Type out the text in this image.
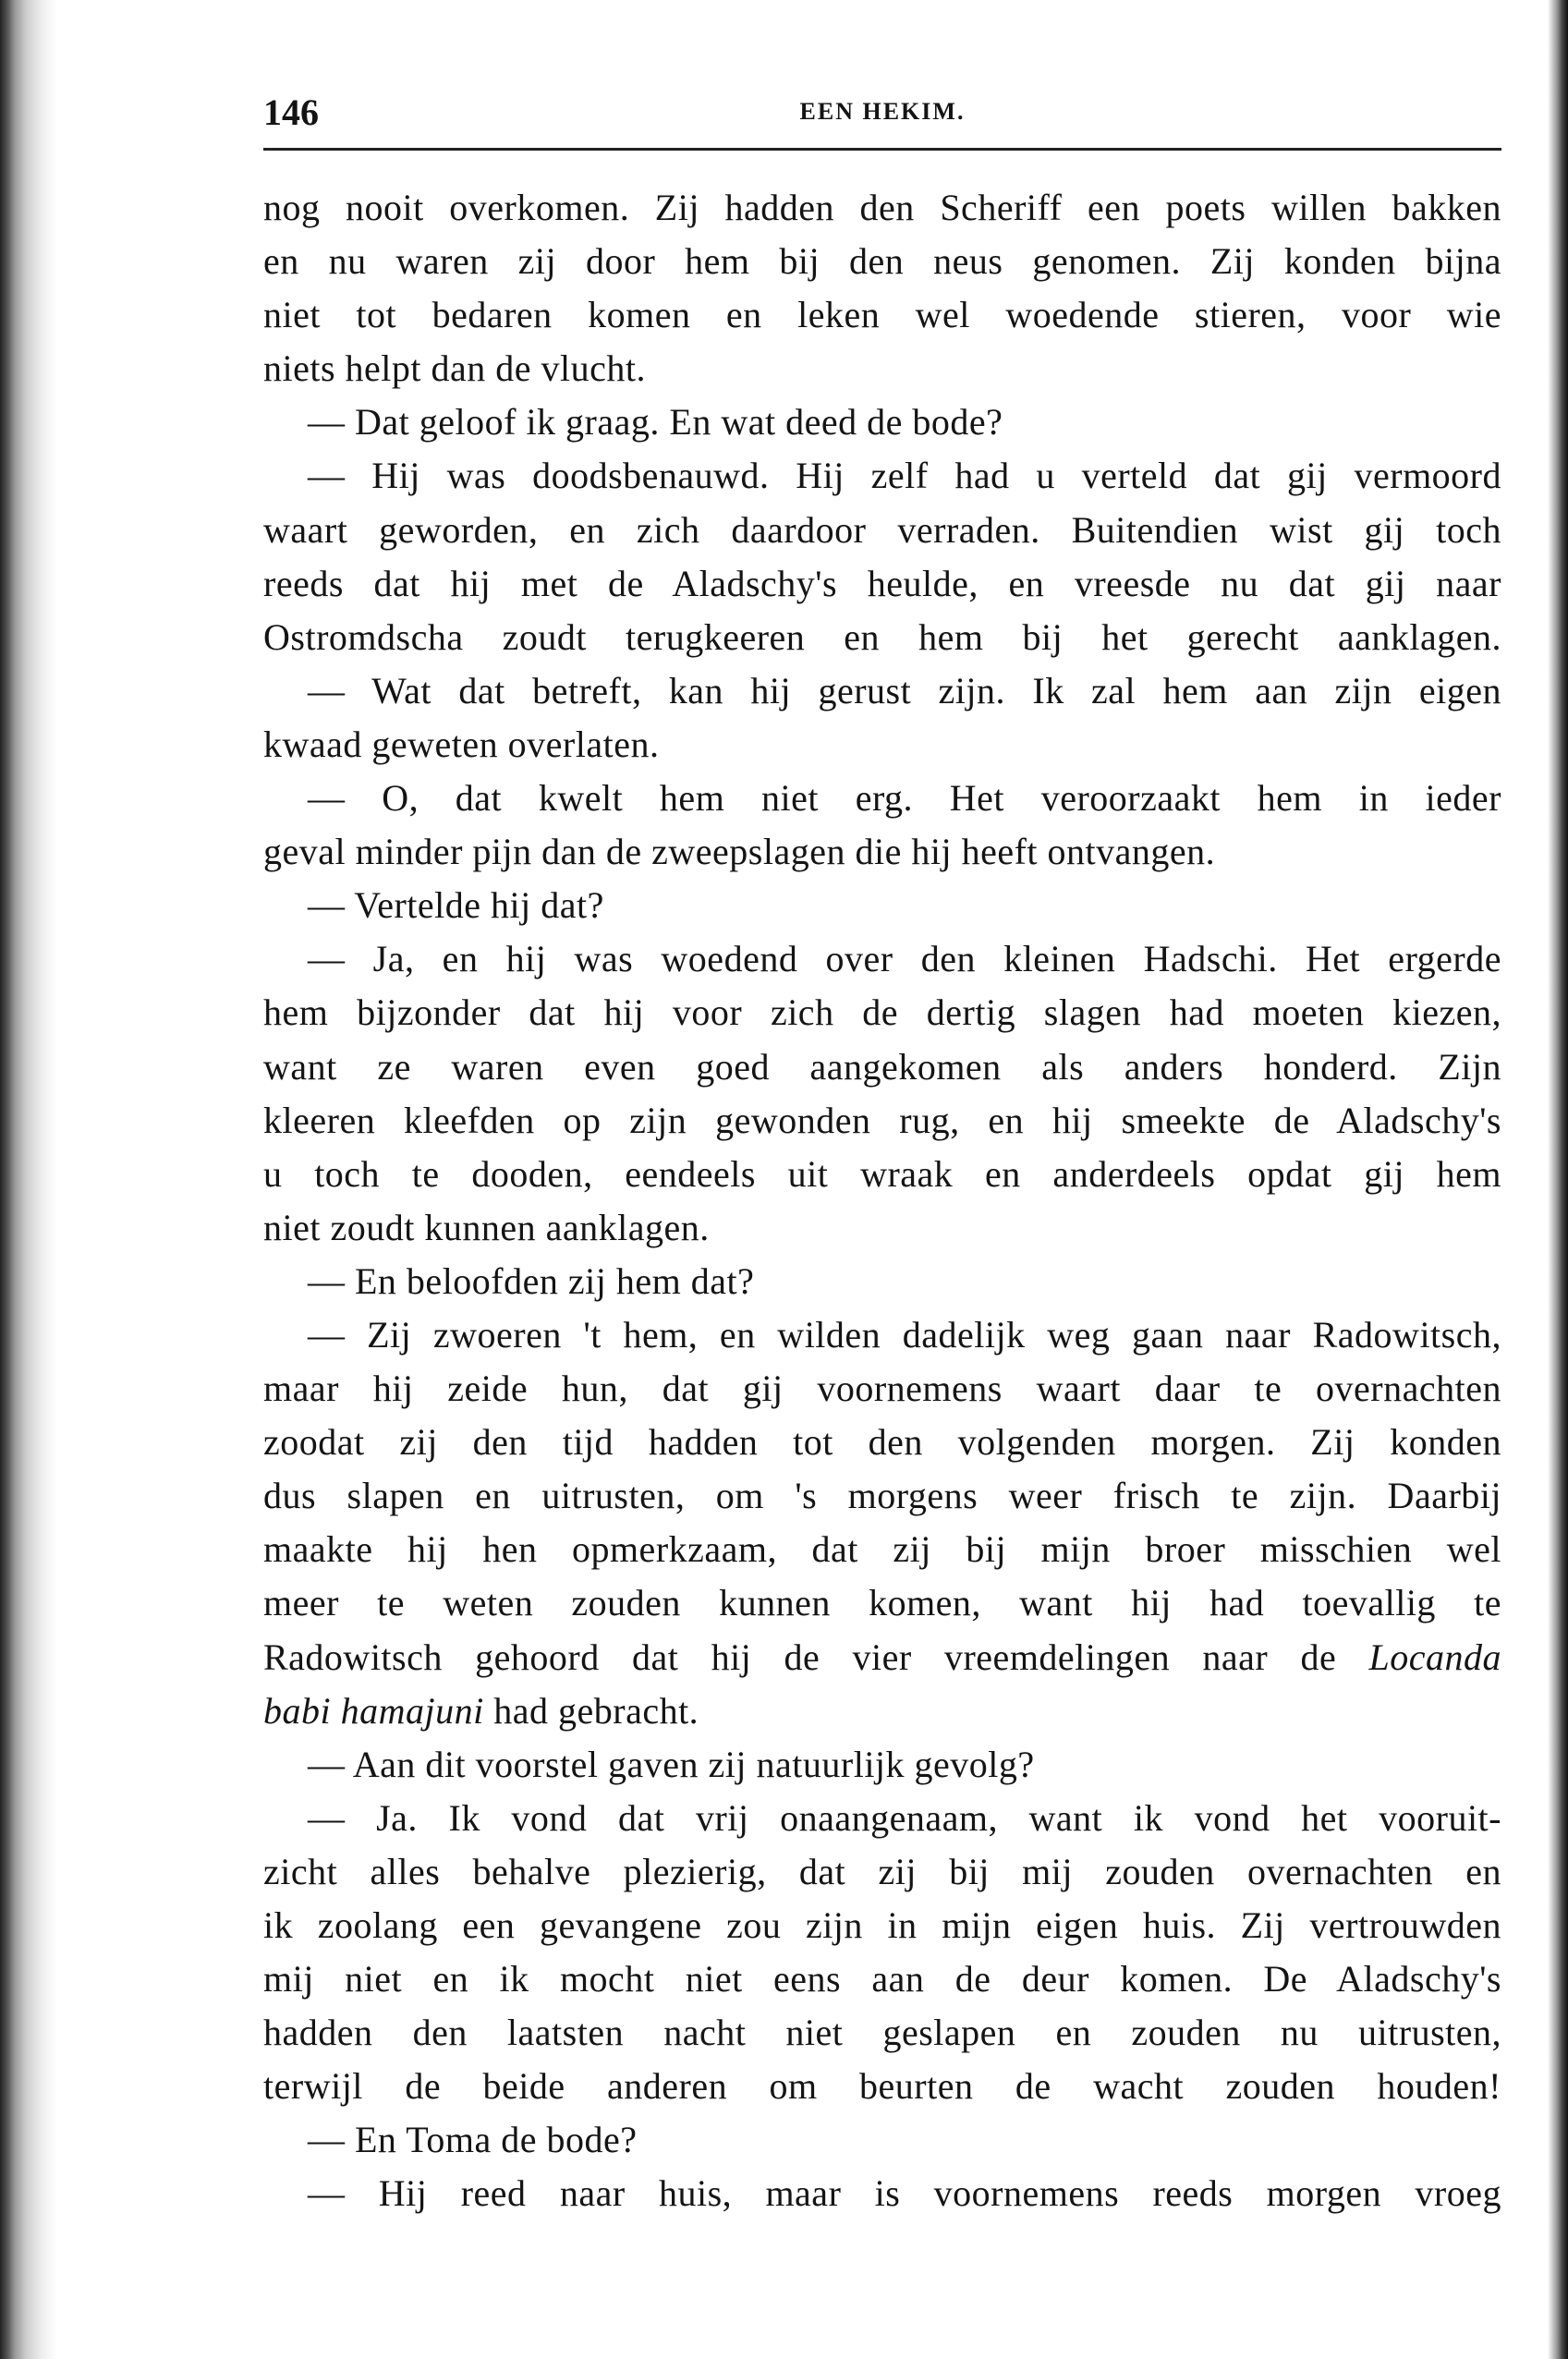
146	EEN HEKIM.
nog nooit overkomen. Zij hadden den Scheriff een poets willen bakken
en nu waren zij door hem bij den neus genomen. Zij konden bijna
niet tot bedaren komen en leken wel woedende stieren, voor wie
niets helpt dan de vlucht.
— Dat geloof ik graag. En wat deed de bode?
— Hij was doodsbenauwd. Hij zelf had u verteld dat gij vermoord
waart geworden, en zich daardoor verraden. Buitendien wist gij toch
reeds dat hij met de Aladschy's heulde, en vreesde nu dat gij naar
Ostromdscha zoudt terugkeeren en hem bij het gerecht aanklagen.
— Wat dat betreft, kan hij gerust zijn. Ik zal hem aan zijn eigen
kwaad geweten overlaten.
— O, dat kwelt hem niet erg. Het veroorzaakt hem in ieder
geval minder pijn dan de zweepslagen die hij heeft ontvangen.
— Vertelde hij dat?
— Ja, en hij was woedend over den kleinen Hadschi. Het ergerde
hem bijzonder dat hij voor zich de dertig slagen had moeten kiezen,
want ze waren even goed aangekomen als anders honderd. Zijn
kleeren kleefden op zijn gewonden rug, en hij smeekte de Aladschy's
u toch te dooden, eendeels uit wraak en anderdeels opdat gij hem
niet zoudt kunnen aanklagen.
— En beloofden zij hem dat?
— Zij zwoeren 't hem, en wilden dadelijk weg gaan naar Radowitsch,
maar hij zeide hun, dat gij voornemens waart daar te overnachten
zoodat zij den tijd hadden tot den volgenden morgen. Zij konden
dus slapen en uitrusten, om 's morgens weer frisch te zijn. Daarbij
maakte hij hen opmerkzaam, dat zij bij mijn broer misschien wel
meer te weten zouden kunnen komen, want hij had toevallig te
Radowitsch gehoord dat hij de vier vreemdelingen naar de Locanda
babi hamajuni had gebracht.
— Aan dit voorstel gaven zij natuurlijk gevolg?
— Ja. Ik vond dat vrij onaangenaam, want ik vond het vooruit-
zicht alles behalve plezierig, dat zij bij mij zouden overnachten en
ik zoolang een gevangene zou zijn in mijn eigen huis. Zij vertrouwden
mij niet en ik mocht niet eens aan de deur komen. De Aladschy's
hadden den laatsten nacht niet geslapen en zouden nu uitrusten,
terwijl de beide anderen om beurten de wacht zouden houden!
— En Toma de bode?
— Hij reed naar huis, maar is voornemens reeds morgen vroeg
